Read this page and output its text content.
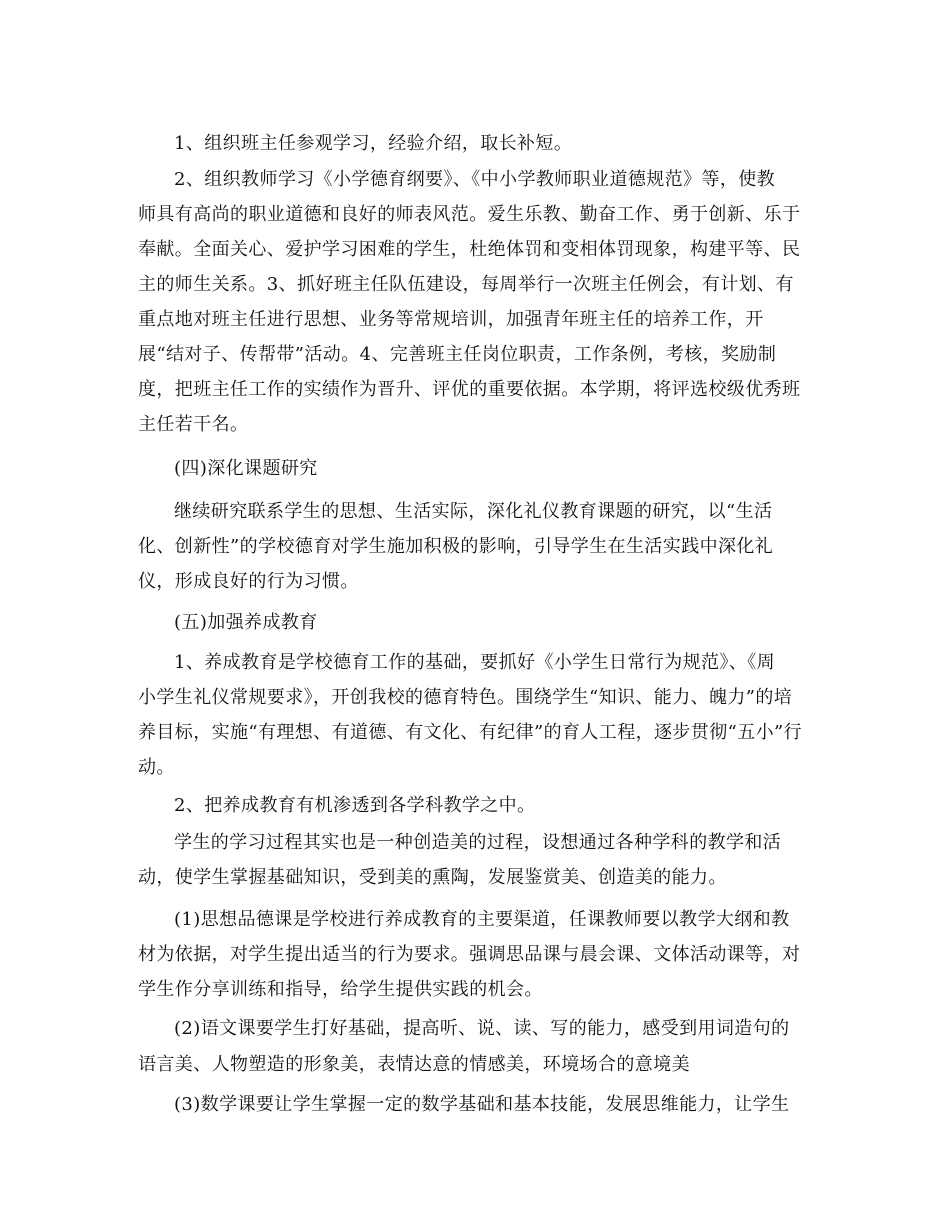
1、组织班主任参观学习，经验介绍，取长补短。
2、组织教师学习《小学德育纲要》、《中小学教师职业道德规范》等，使教
师具有高尚的职业道德和良好的师表风范。爱生乐教、勤奋工作、勇于创新、乐于
奉献。全面关心、爱护学习困难的学生，杜绝体罚和变相体罚现象，构建平等、民
主的师生关系。3、抓好班主任队伍建设，每周举行一次班主任例会，有计划、有
重点地对班主任进行思想、业务等常规培训，加强青年班主任的培养工作，开
展“结对子、传帮带”活动。4、完善班主任岗位职责，工作条例，考核，奖励制
度，把班主任工作的实绩作为晋升、评优的重要依据。本学期，将评选校级优秀班
主任若干名。
(四)深化课题研究
继续研究联系学生的思想、生活实际，深化礼仪教育课题的研究，以“生活
化、创新性”的学校德育对学生施加积极的影响，引导学生在生活实践中深化礼
仪，形成良好的行为习惯。
(五)加强养成教育
1、养成教育是学校德育工作的基础，要抓好《小学生日常行为规范》、《周
小学生礼仪常规要求》，开创我校的德育特色。围绕学生“知识、能力、魄力”的培
养目标，实施“有理想、有道德、有文化、有纪律”的育人工程，逐步贯彻“五小”行
动。
2、把养成教育有机渗透到各学科教学之中。
学生的学习过程其实也是一种创造美的过程，设想通过各种学科的教学和活
动，使学生掌握基础知识，受到美的熏陶，发展鉴赏美、创造美的能力。
(1)思想品德课是学校进行养成教育的主要渠道，任课教师要以教学大纲和教
材为依据，对学生提出适当的行为要求。强调思品课与晨会课、文体活动课等，对
学生作分享训练和指导，给学生提供实践的机会。
(2)语文课要学生打好基础，提高听、说、读、写的能力，感受到用词造句的
语言美、人物塑造的形象美，表情达意的情感美，环境场合的意境美
(3)数学课要让学生掌握一定的数学基础和基本技能，发展思维能力，让学生
